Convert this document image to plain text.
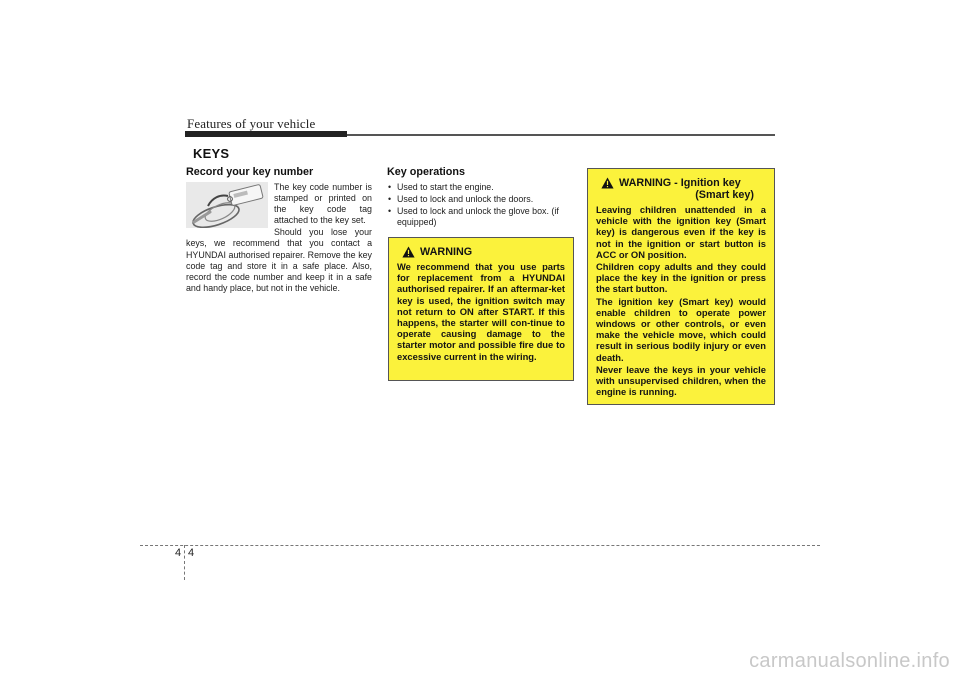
Features of your vehicle
KEYS
Record your key number

The key code number is stamped or printed on the key code tag attached to the key set.

Should you lose your keys, we recommend that you contact a HYUNDAI authorised repairer. Remove the key code tag and store it in a safe place. Also, record the code number and keep it in a safe and handy place, but not in the vehicle.

Key operations
• Used to start the engine.
• Used to lock and unlock the doors.
• Used to lock and unlock the glove box. (if equipped)
WARNING
We recommend that you use parts for replacement from a HYUNDAI authorised repairer. If an aftermar-ket key is used, the ignition switch may not return to ON after START. If this happens, the starter will con-tinue to operate causing damage to the starter motor and possible fire due to excessive current in the wiring.
WARNING - Ignition key
(Smart key)

Leaving children unattended in a vehicle with the ignition key (Smart key) is dangerous even if the key is not in the ignition or start button is ACC or ON position.

Children copy adults and they could place the key in the ignition or press the start button.

The ignition key (Smart key) would enable children to operate power windows or other controls, or even make the vehicle move, which could result in serious bodily injury or even death.

Never leave the keys in your vehicle with unsupervised children, when the engine is running.

4 4
carmanualsonline.info
